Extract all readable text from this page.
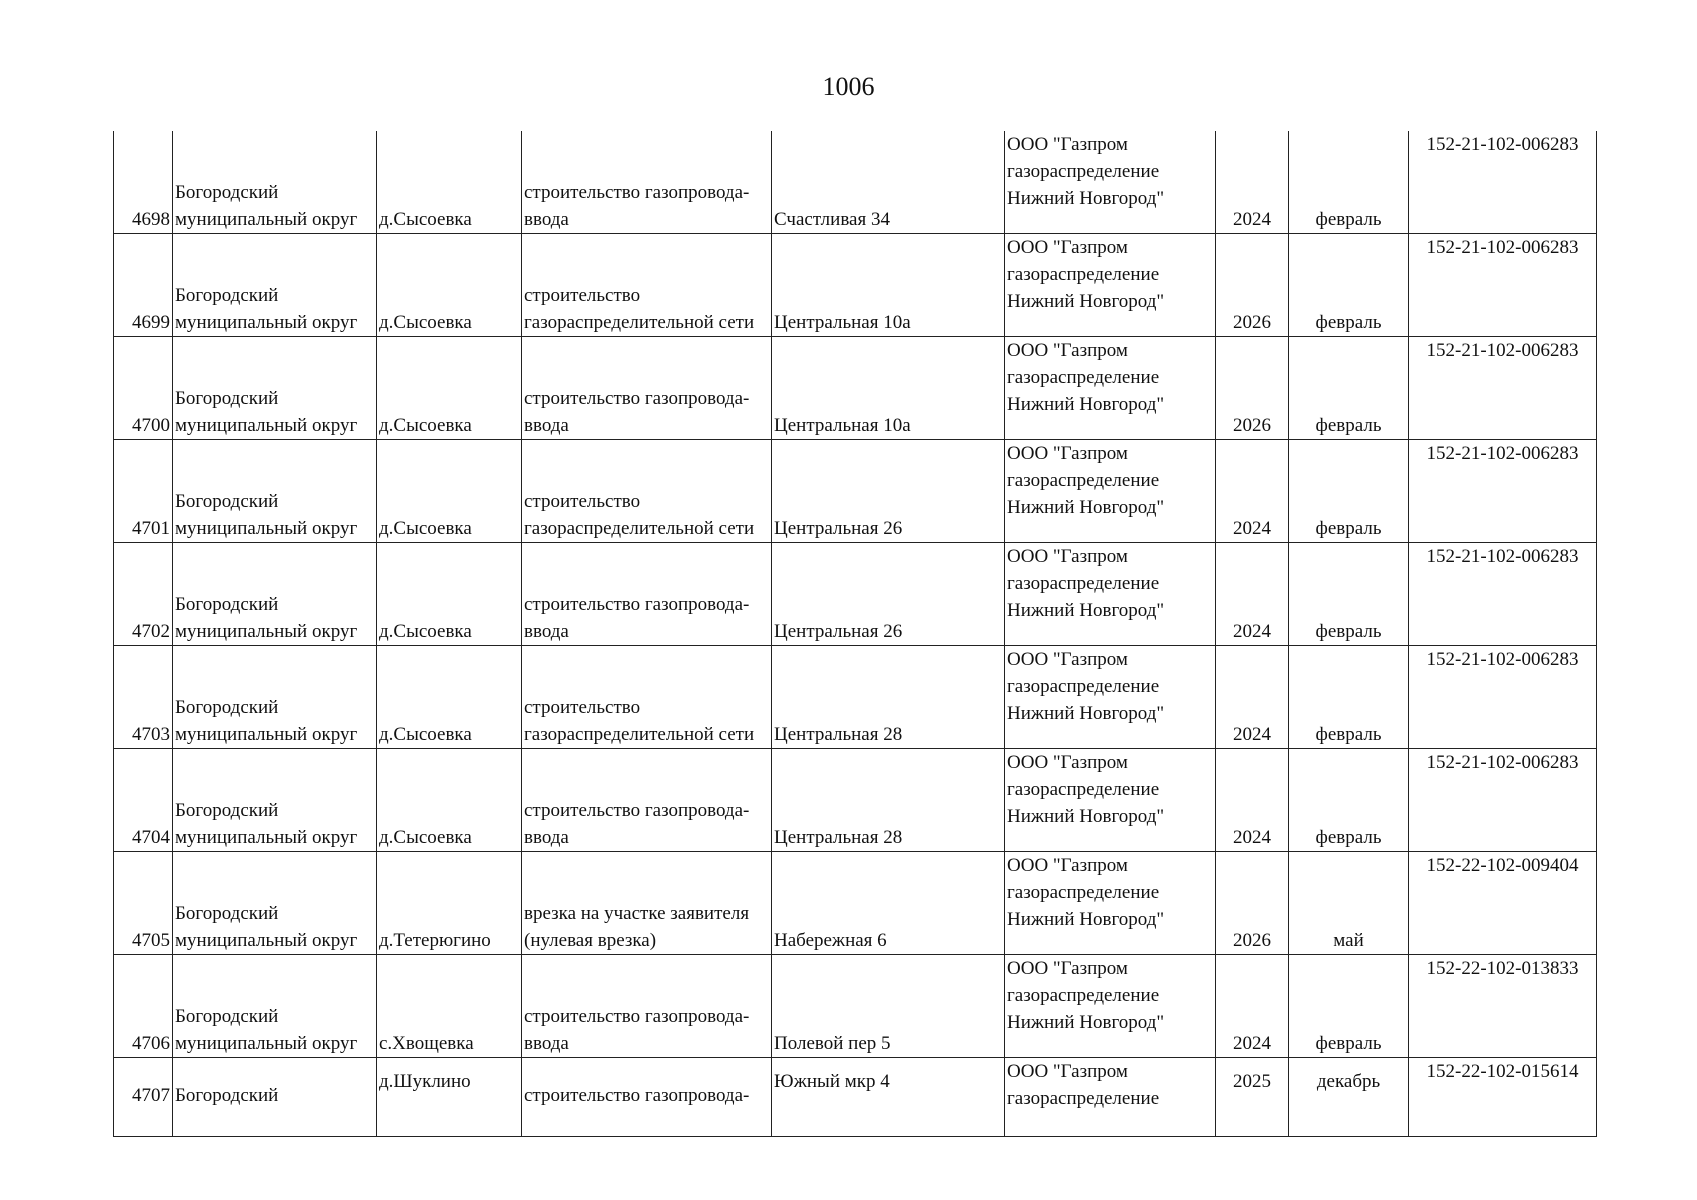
1006
4698	Богородский муниципальный округ	д.Сысоевка	строительство газопровода-ввода	Счастливая 34	ООО "Газпром газораспределение Нижний Новгород"	2024	февраль	152-21-102-006283
4699	Богородский муниципальный округ	д.Сысоевка	строительство газораспределительной сети	Центральная 10а	ООО "Газпром газораспределение Нижний Новгород"	2026	февраль	152-21-102-006283
4700	Богородский муниципальный округ	д.Сысоевка	строительство газопровода-ввода	Центральная 10а	ООО "Газпром газораспределение Нижний Новгород"	2026	февраль	152-21-102-006283
4701	Богородский муниципальный округ	д.Сысоевка	строительство газораспределительной сети	Центральная 26	ООО "Газпром газораспределение Нижний Новгород"	2024	февраль	152-21-102-006283
4702	Богородский муниципальный округ	д.Сысоевка	строительство газопровода-ввода	Центральная 26	ООО "Газпром газораспределение Нижний Новгород"	2024	февраль	152-21-102-006283
4703	Богородский муниципальный округ	д.Сысоевка	строительство газораспределительной сети	Центральная 28	ООО "Газпром газораспределение Нижний Новгород"	2024	февраль	152-21-102-006283
4704	Богородский муниципальный округ	д.Сысоевка	строительство газопровода-ввода	Центральная 28	ООО "Газпром газораспределение Нижний Новгород"	2024	февраль	152-21-102-006283
4705	Богородский муниципальный округ	д.Тетерюгино	врезка на участке заявителя (нулевая врезка)	Набережная 6	ООО "Газпром газораспределение Нижний Новгород"	2026	май	152-22-102-009404
4706	Богородский муниципальный округ	с.Хвощевка	строительство газопровода-ввода	Полевой пер 5	ООО "Газпром газораспределение Нижний Новгород"	2024	февраль	152-22-102-013833
4707	Богородский	д.Шуклино	строительство газопровода-	Южный мкр 4	ООО "Газпром газораспределение	2025	декабрь	152-22-102-015614
